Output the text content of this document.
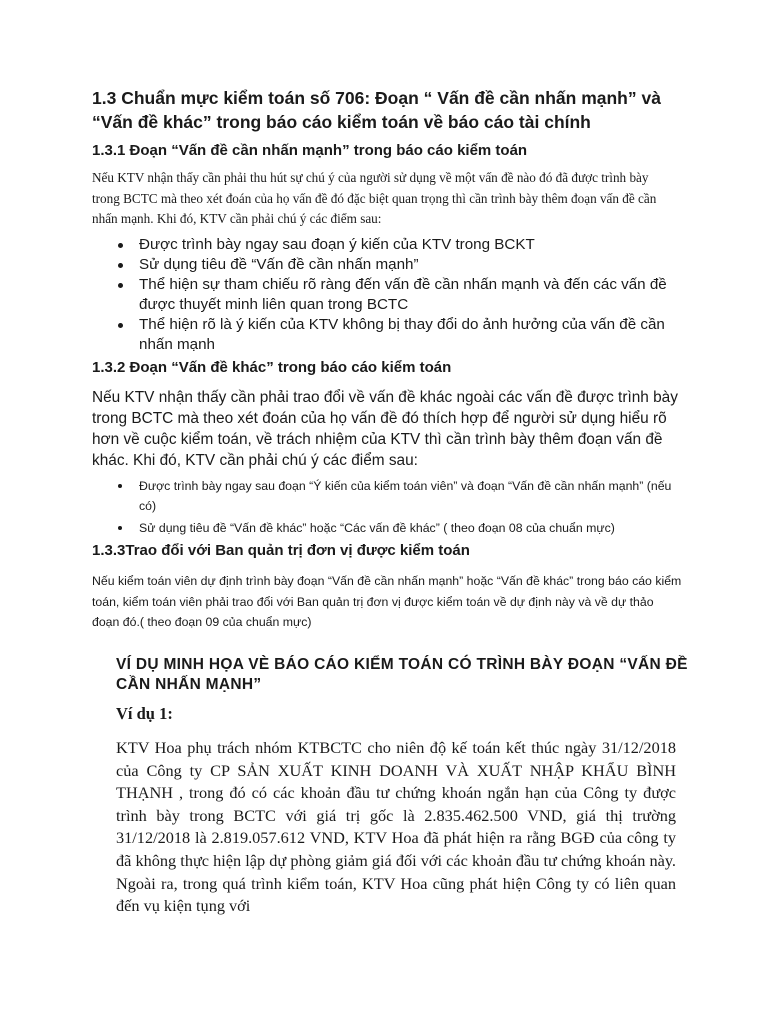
1.3 Chuẩn mực kiểm toán số 706: Đoạn “ Vấn đề cần nhấn mạnh” và “Vấn đề khác” trong báo cáo kiểm toán về báo cáo tài chính
1.3.1 Đoạn “Vấn đề cần nhấn mạnh” trong báo cáo kiểm toán

Nếu KTV nhận thấy cần phải thu hút sự chú ý của người sử dụng về một vấn đề nào đó đã được trình bày trong BCTC mà theo xét đoán của họ vấn đề đó đặc biệt quan trọng thì cần trình bày thêm đoạn vấn đề cần nhấn mạnh. Khi đó, KTV cần phải chú ý các điểm sau:

Được trình bày ngay sau đoạn ý kiến của KTV trong BCKT
Sử dụng tiêu đề “Vấn đề cần nhấn mạnh”
Thể hiện sự tham chiếu rõ ràng đến vấn đề cần nhấn mạnh và đến các vấn đề được thuyết minh liên quan trong BCTC
Thể hiện rõ là ý kiến của KTV không bị thay đổi do ảnh hưởng của vấn đề cần nhấn mạnh
1.3.2 Đoạn “Vấn đề khác” trong báo cáo kiểm toán

Nếu KTV nhận thấy cần phải trao đổi về vấn đề khác ngoài các vấn đề được trình bày trong BCTC mà theo xét đoán của họ vấn đề đó thích hợp để người sử dụng hiểu rõ hơn về cuộc kiểm toán, về trách nhiệm của KTV thì cần trình bày thêm đoạn vấn đề khác. Khi đó, KTV cần phải chú ý các điểm sau:

Được trình bày ngay sau đoạn “Ý kiến của kiểm toán viên” và đoạn “Vấn đề cần nhấn mạnh” (nếu có)
Sử dụng tiêu đề “Vấn đề khác” hoặc “Các vấn đề khác” ( theo đoạn 08 của chuẩn mực)
1.3.3Trao đổi với Ban quản trị đơn vị được kiểm toán

Nếu kiểm toán viên dự định trình bày đoạn “Vấn đề cần nhấn mạnh” hoặc “Vấn đề khác” trong báo cáo kiểm toán, kiểm toán viên phải trao đổi với Ban quản trị đơn vị được kiểm toán về dự định này và về dự thảo đoạn đó.( theo đoạn 09 của chuẩn mực)

VÍ DỤ MINH HỌA VÈ BÁO CÁO KIỂM TOÁN CÓ TRÌNH BÀY ĐOẠN “VẤN ĐỀ CẦN NHẤN MẠNH”
Ví dụ 1:

KTV Hoa phụ trách nhóm KTBCTC cho niên độ kế toán kết thúc ngày 31/12/2018 của Công ty CP SẢN XUẤT KINH DOANH VÀ XUẤT NHẬP KHẨU BÌNH THẠNH , trong đó có các khoản đầu tư chứng khoán ngắn hạn của Công ty được trình bày trong BCTC với giá trị gốc là 2.835.462.500 VND, giá thị trường 31/12/2018 là 2.819.057.612 VND, KTV Hoa đã phát hiện ra rằng BGĐ của công ty đã không thực hiện lập dự phòng giảm giá đối với các khoản đầu tư chứng khoán này. Ngoài ra, trong quá trình kiểm toán, KTV Hoa cũng phát hiện Công ty có liên quan đến vụ kiện tụng với
